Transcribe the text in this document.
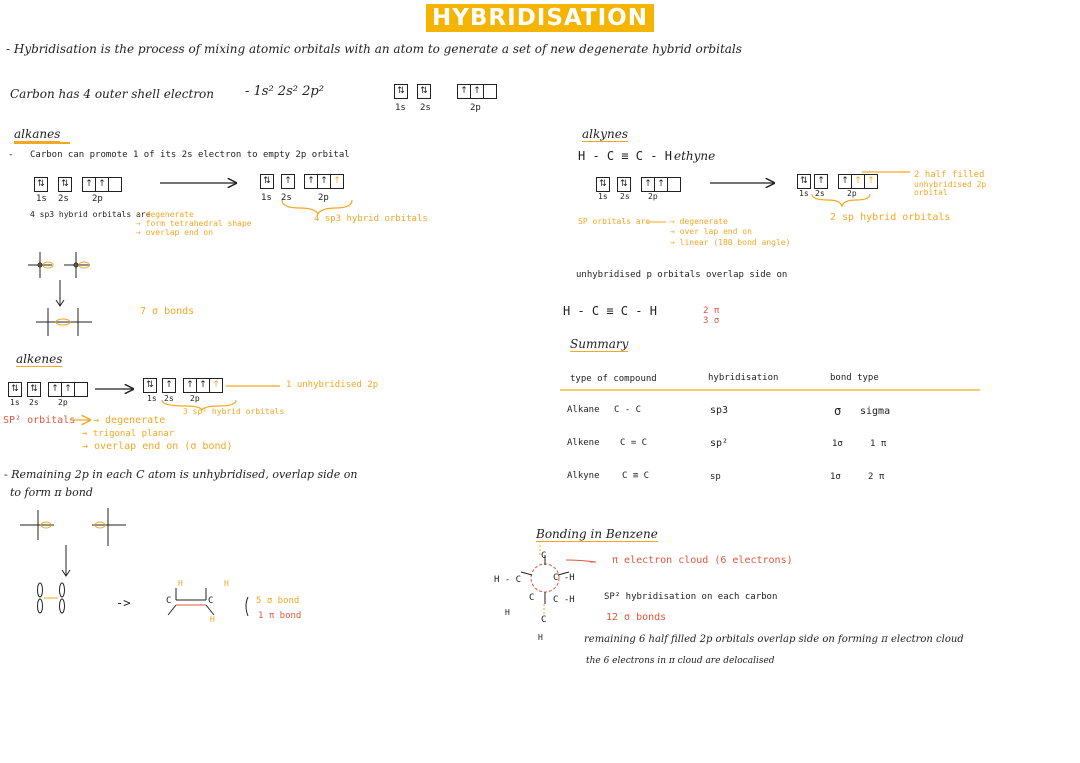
HYBRIDISATION
- Hybridisation is the process of mixing atomic orbitals with an atom to generate a set of new degenerate hybrid orbitals
Carbon has 4 outer shell electron - 1s² 2s² 2p²	⇅	⇅	↑ ↑
1s 2s	2p
alkanes
- Carbon can promote 1 of its 2s electron to empty 2p orbital
⇅	⇅	↑ ↑
1s 2s	2p
⇅	↑	↑ ↑ ↑
1s 2s	2p
4 sp3 hybrid orbitals
4 sp3 hybrid orbitals are
→ degenerate
→ form tetrahedral shape
→ overlap end on
7 σ bonds
alkenes
⇅	⇅	↑ ↑
1s 2s 2p
⇅	↑	↑ ↑ ↑
1s 2s 2p
1 unhybridised 2p
3 sp² hybrid orbitals
SP² orbitals → degenerate
→ trigonal planar
→ overlap end on (σ bond)
- Remaining 2p in each C atom is unhybridised, overlap side on
to form π bond
->	5 σ bond
1 π bond
alkynes
H - C ≡ C - H ethyne
⇅	⇅	↑ ↑
1s 2s 2p
⇅	↑	↑ ↑ ↑
1s 2s	2p
2 half filled
unhybridised 2p
orbital
2 sp hybrid orbitals
SP orbitals are → degenerate
→ over lap end on
→ linear (180 bond angle)
unhybridised p orbitals overlap side on
H - C ≡ C - H	2 π
3 σ
Summary
type of compound	hybridisation	bond type
Alkane C - C	sp3	σ sigma
Alkene C = C	sp²	1σ	1 π
Alkyne C ≡ C	sp	1σ	2 π
Bonding in Benzene
π electron cloud (6 electrons)
SP² hybridisation on each carbon
12 σ bonds
remaining 6 half filled 2p orbitals overlap side on forming π electron cloud
the 6 electrons in π cloud are delocalised
H	H
C	C
H
H - C	C -H
C -H
C
C
C
H
H
